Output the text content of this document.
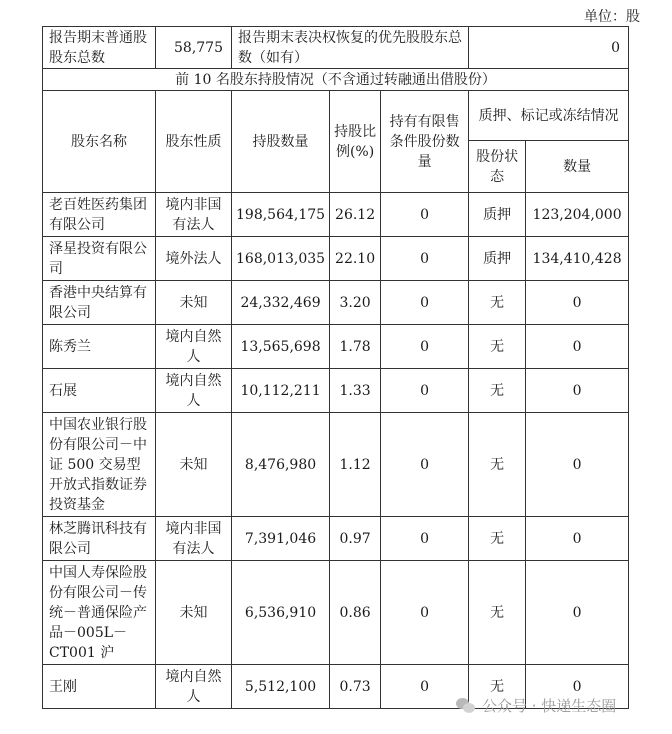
单位：股
报告期末普通股股东总数	58,775	报告期末表决权恢复的优先股股东总数（如有）			0	
前 10 名股东持股情况（不含通过转融通出借股份）						
股东名称	股东性质	持股数量	持股比例(%)	持有有限售条件股份数量	质押、标记或冻结情况	
					股份状态	数量
老百姓医药集团有限公司	境内非国有法人	198,564,175	26.12	0	质押	123,204,000
泽星投资有限公司	境外法人	168,013,035	22.10	0	质押	134,410,428
香港中央结算有限公司	未知	24,332,469	3.20	0	无	0
陈秀兰	境内自然人	13,565,698	1.78	0	无	0
石展	境内自然人	10,112,211	1.33	0	无	0
中国农业银行股份有限公司－中证 500 交易型开放式指数证券投资基金	未知	8,476,980	1.12	0	无	0
林芝腾讯科技有限公司	境内非国有法人	7,391,046	0.97	0	无	0
中国人寿保险股份有限公司－传统－普通保险产品－005L－CT001 沪	未知	6,536,910	0.86	0	无	0
王刚	境内自然人	5,512,100	0.73	0	无	0
公众号 · 快递生态圈
